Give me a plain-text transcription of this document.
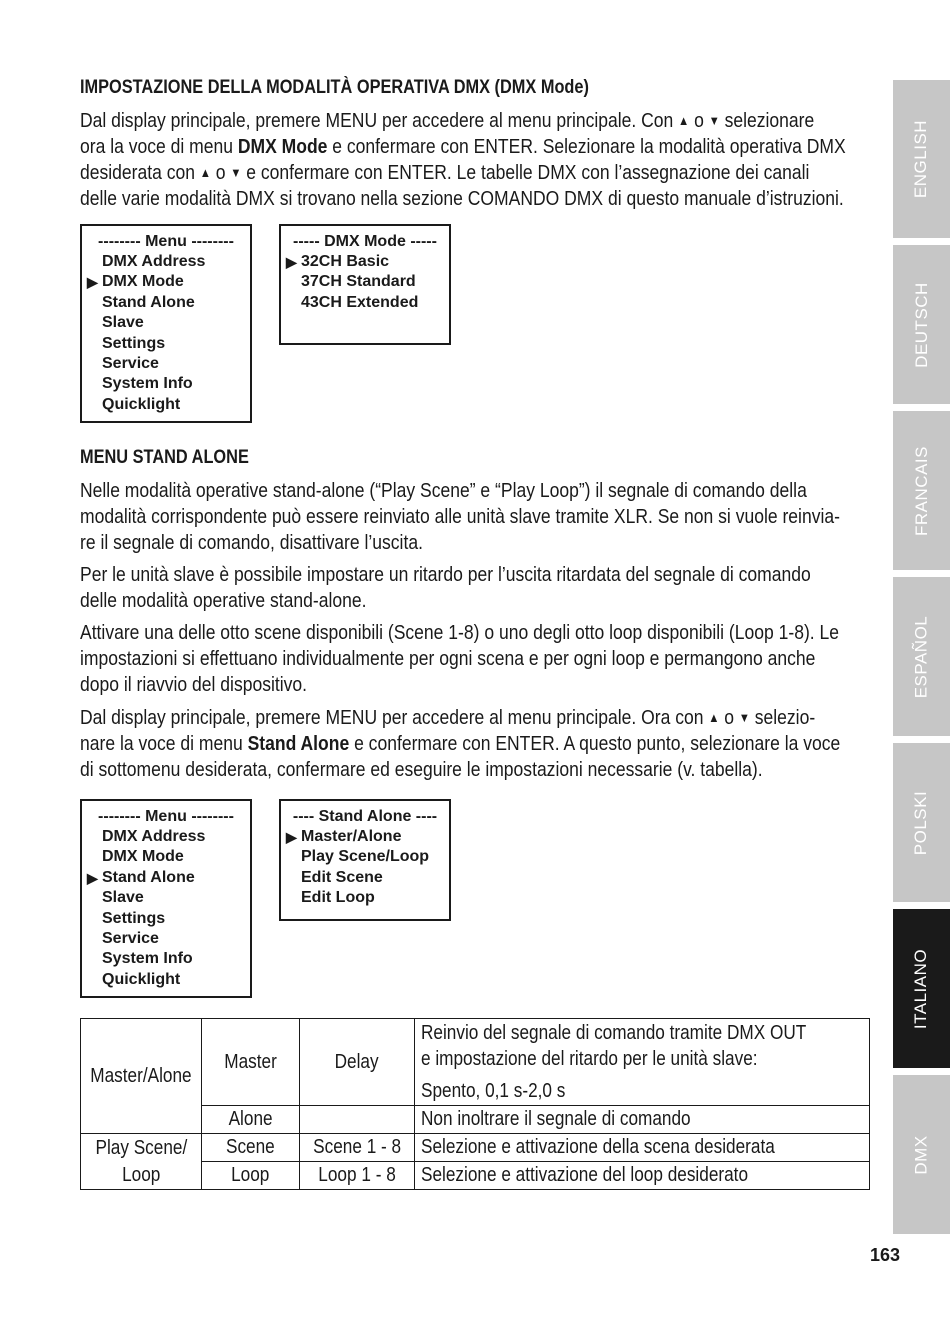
IMPOSTAZIONE DELLA MODALITÀ OPERATIVA DMX (DMX Mode)
Dal display principale, premere MENU per accedere al menu principale. Con ▲ o ▼ selezionare
ora la voce di menu DMX Mode e confermare con ENTER. Selezionare la modalità operativa DMX
desiderata con ▲ o ▼ e confermare con ENTER. Le tabelle DMX con l’assegnazione dei canali
delle varie modalità DMX si trovano nella sezione COMANDO DMX di questo manuale d’istruzioni.
MENU STAND ALONE
Nelle modalità operative stand-alone (“Play Scene” e “Play Loop”) il segnale di comando della
modalità corrispondente può essere reinviato alle unità slave tramite XLR. Se non si vuole reinvia-
re il segnale di comando, disattivare l’uscita.
Per le unità slave è possibile impostare un ritardo per l’uscita ritardata del segnale di comando
delle modalità operative stand-alone.
Attivare una delle otto scene disponibili (Scene 1-8) o uno degli otto loop disponibili (Loop 1-8). Le
impostazioni si effettuano individualmente per ogni scena e per ogni loop e permangono anche
dopo il riavvio del dispositivo.
Dal display principale, premere MENU per accedere al menu principale. Ora con ▲ o ▼ selezio-
nare la voce di menu Stand Alone e confermare con ENTER. A questo punto, selezionare la voce
di sottomenu desiderata, confermare ed eseguire le impostazioni necessarie (v. tabella).
-------- Menu --------
DMX Address
▶ DMX Mode
Stand Alone
Slave
Settings
Service
System Info
Quicklight
----- DMX Mode -----
▶ 32CH Basic
37CH Standard
43CH Extended
-------- Menu --------
DMX Address
DMX Mode
▶ Stand Alone
Slave
Settings
Service
System Info
Quicklight
---- Stand Alone ----
▶ Master/Alone
Play Scene/Loop
Edit Scene
Edit Loop
Master/Alone	Master	Delay	Reinvio del segnale di comando tramite DMX OUT
e impostazione del ritardo per le unità slave:
Spento, 0,1 s-2,0 s
	Alone		Non inoltrare il segnale di comando
Play Scene/
Loop	Scene	Scene 1 - 8	Selezione e attivazione della scena desiderata
	Loop	Loop 1 - 8	Selezione e attivazione del loop desiderato
ENGLISH
DEUTSCH
FRANCAIS
ESPAÑOL
POLSKI
ITALIANO
DMX
163
